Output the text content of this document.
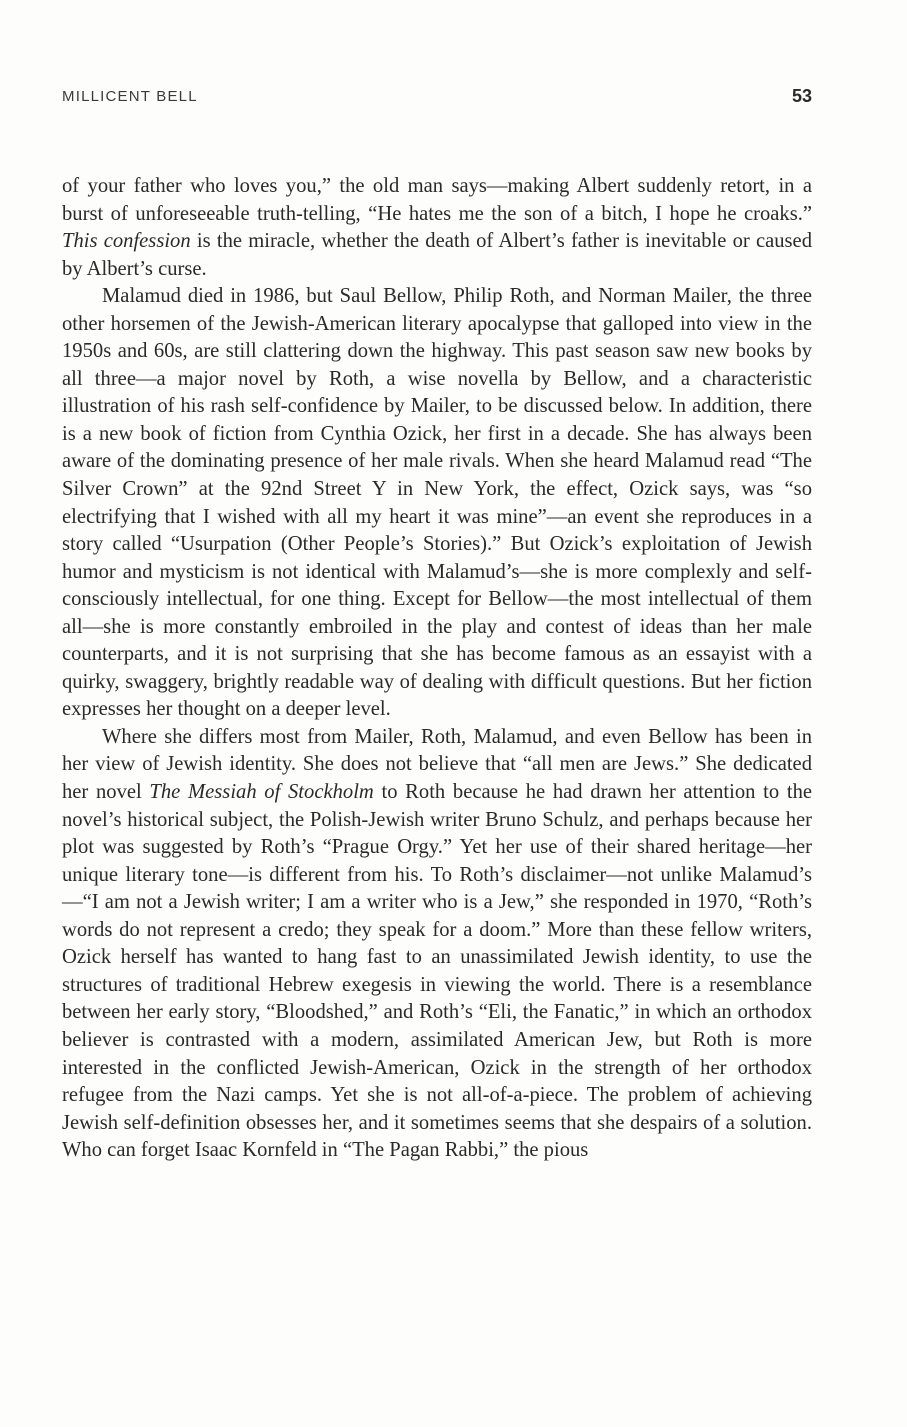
MILLICENT BELL	53

of your father who loves you,” the old man says—making Albert suddenly retort, in a burst of unforeseeable truth-telling, “He hates me the son of a bitch, I hope he croaks.” This confession is the miracle, whether the death of Albert’s father is inevitable or caused by Albert’s curse.

Malamud died in 1986, but Saul Bellow, Philip Roth, and Norman Mailer, the three other horsemen of the Jewish-American literary apocalypse that galloped into view in the 1950s and 60s, are still clattering down the highway. This past season saw new books by all three—a major novel by Roth, a wise novella by Bellow, and a characteristic illustration of his rash self-confidence by Mailer, to be discussed below. In addition, there is a new book of fiction from Cynthia Ozick, her first in a decade. She has always been aware of the dominating presence of her male rivals. When she heard Malamud read “The Silver Crown” at the 92nd Street Y in New York, the effect, Ozick says, was “so electrifying that I wished with all my heart it was mine”—an event she reproduces in a story called “Usurpation (Other People’s Stories).” But Ozick’s exploitation of Jewish humor and mysticism is not identical with Malamud’s—she is more complexly and self-consciously intellectual, for one thing. Except for Bellow—the most intellectual of them all—she is more constantly embroiled in the play and contest of ideas than her male counterparts, and it is not surprising that she has become famous as an essayist with a quirky, swaggery, brightly readable way of dealing with difficult questions. But her fiction expresses her thought on a deeper level.

Where she differs most from Mailer, Roth, Malamud, and even Bellow has been in her view of Jewish identity. She does not believe that “all men are Jews.” She dedicated her novel The Messiah of Stockholm to Roth because he had drawn her attention to the novel’s historical subject, the Polish-Jewish writer Bruno Schulz, and perhaps because her plot was suggested by Roth’s “Prague Orgy.” Yet her use of their shared heritage—her unique literary tone—is different from his. To Roth’s disclaimer—not unlike Malamud’s—“I am not a Jewish writer; I am a writer who is a Jew,” she responded in 1970, “Roth’s words do not represent a credo; they speak for a doom.” More than these fellow writers, Ozick herself has wanted to hang fast to an unassimilated Jewish identity, to use the structures of traditional Hebrew exegesis in viewing the world. There is a resemblance between her early story, “Bloodshed,” and Roth’s “Eli, the Fanatic,” in which an orthodox believer is contrasted with a modern, assimilated American Jew, but Roth is more interested in the conflicted Jewish-American, Ozick in the strength of her orthodox refugee from the Nazi camps. Yet she is not all-of-a-piece. The problem of achieving Jewish self-definition obsesses her, and it sometimes seems that she despairs of a solution. Who can forget Isaac Kornfeld in “The Pagan Rabbi,” the pious
